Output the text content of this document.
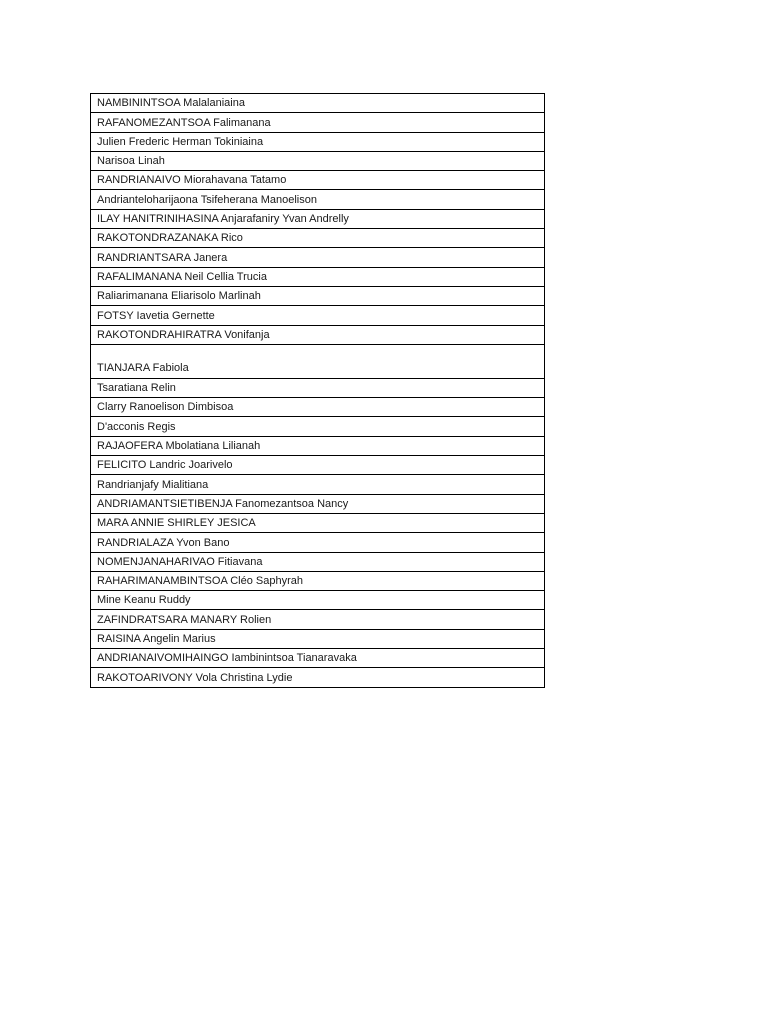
NAMBININTSOA Malalaniaina
RAFANOMEZANTSOA Falimanana
Julien Frederic Herman Tokiniaina
Narisoa Linah
RANDRIANAIVO Miorahavana Tatamo
Andrianteloharijaona Tsifeherana Manoelison
ILAY HANITRINIHASINA Anjarafaniry Yvan Andrelly
RAKOTONDRAZANAKA Rico
RANDRIANTSARA Janera
RAFALIMANANA Neil Cellia Trucia
Raliarimanana Eliarisolo Marlinah
FOTSY Iavetia Gernette
RAKOTONDRAHIRATRA Vonifanja
TIANJARA Fabiola
Tsaratiana Relin
Clarry Ranoelison Dimbisoa
D'acconis Regis
RAJAOFERA Mbolatiana Lilianah
FELICITO Landric Joarivelo
Randrianjafy Mialitiana
ANDRIAMANTSIETIBENJA Fanomezantsoa Nancy
MARA ANNIE SHIRLEY JESICA
RANDRIALAZA Yvon Bano
NOMENJANAHARIVAO Fitiavana
RAHARIMANAMBINTSOA Cléo Saphyrah
Mine Keanu Ruddy
ZAFINDRATSARA MANARY Rolien
RAISINA Angelin Marius
ANDRIANAIVOMIHAINGO Iambinintsoa Tianaravaka
RAKOTOARIVONY Vola Christina Lydie
